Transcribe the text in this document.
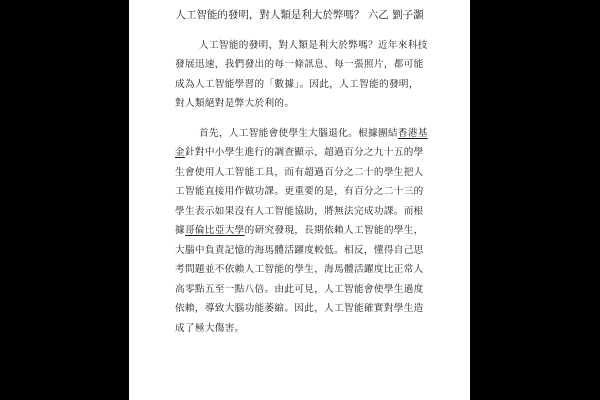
人工智能的發明，對人類是利大於弊嗎？ 六乙 劉子灝
人工智能的發明，對人類是利大於弊嗎？近年來科技
發展迅速，我們發出的每一條訊息、每一張照片，都可能
成為人工智能學習的「數據」。因此，人工智能的發明，
對人類絕對是弊大於利的。
首先，人工智能會使學生大腦退化。根據團結香港基
金針對中小學生進行的調查顯示，超過百分之九十五的學
生會使用人工智能工具，而有超過百分之二十的學生把人
工智能直接用作做功課。更重要的是，有百分之二十三的
學生表示如果沒有人工智能協助，將無法完成功課。而根
據哥倫比亞大學的研究發現，長期依賴人工智能的學生，
大腦中負責記憶的海馬體活躍度較低。相反，懂得自己思
考問題並不依賴人工智能的學生，海馬體活躍度比正常人
高零點五至一點八倍。由此可見，人工智能會使學生過度
依賴，導致大腦功能萎縮。因此，人工智能確實對學生造
成了極大傷害。
